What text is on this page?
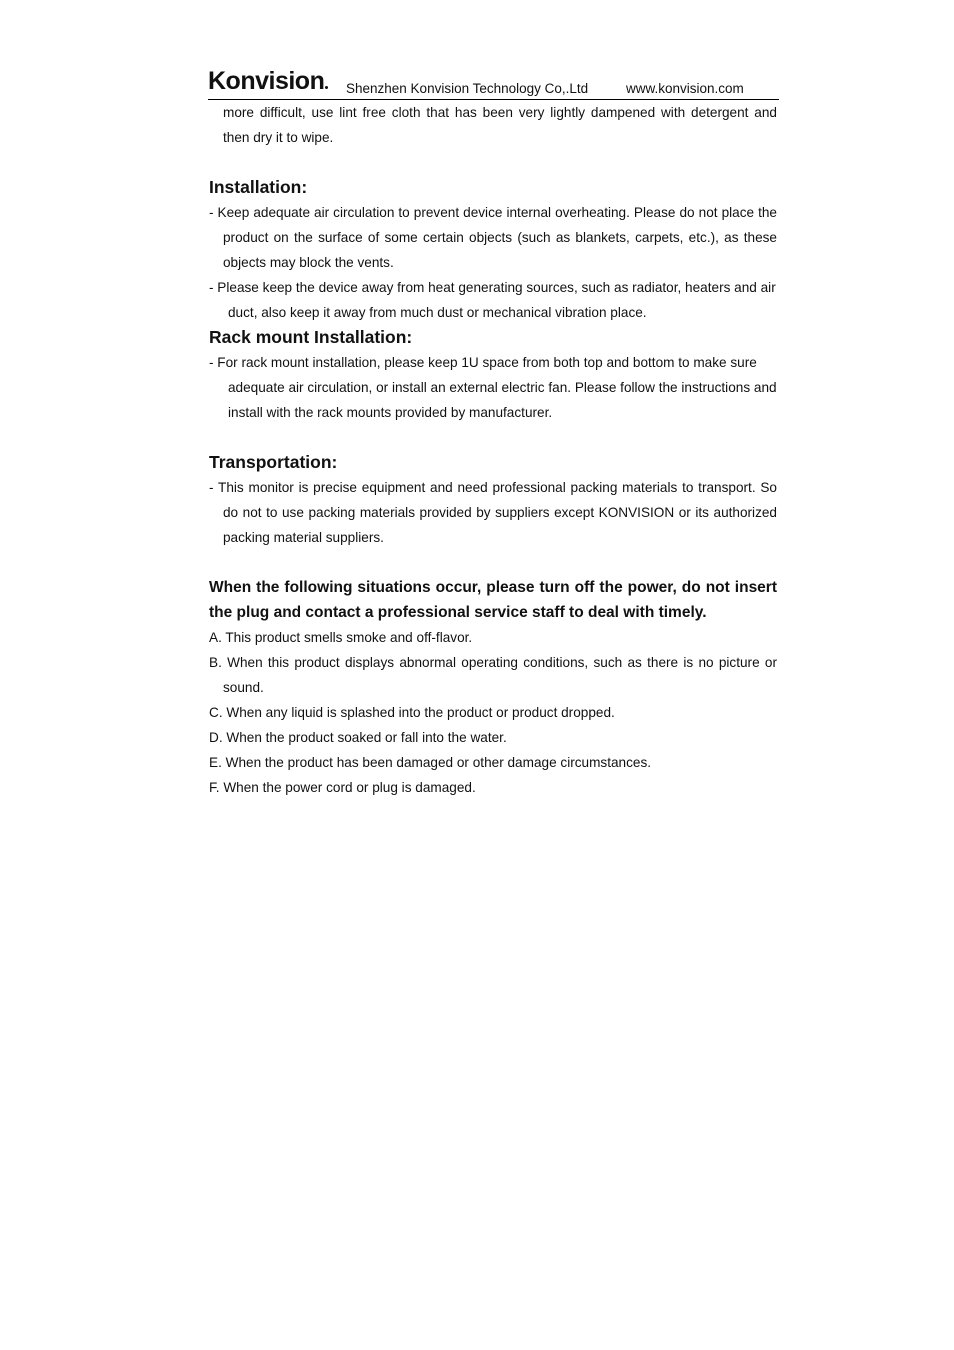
Konvision Shenzhen Konvision Technology Co,.Ltd	www.konvision.com

more difficult, use lint free cloth that has been very lightly dampened with detergent and then dry it to wipe.

Installation:

- Keep adequate air circulation to prevent device internal overheating. Please do not place the product on the surface of some certain objects (such as blankets, carpets, etc.), as these objects may block the vents.

- Please keep the device away from heat generating sources, such as radiator, heaters and air duct, also keep it away from much dust or mechanical vibration place.

Rack mount Installation:

- For rack mount installation, please keep 1U space from both top and bottom to make sure adequate air circulation, or install an external electric fan. Please follow the instructions and install with the rack mounts provided by manufacturer.

Transportation:

- This monitor is precise equipment and need professional packing materials to transport. So do not to use packing materials provided by suppliers except KONVISION or its authorized packing material suppliers.

When the following situations occur, please turn off the power, do not insert the plug and contact a professional service staff to deal with timely.

A. This product smells smoke and off-flavor.

B. When this product displays abnormal operating conditions, such as there is no picture or sound.

C. When any liquid is splashed into the product or product dropped.

D. When the product soaked or fall into the water.

E. When the product has been damaged or other damage circumstances.

F. When the power cord or plug is damaged.
